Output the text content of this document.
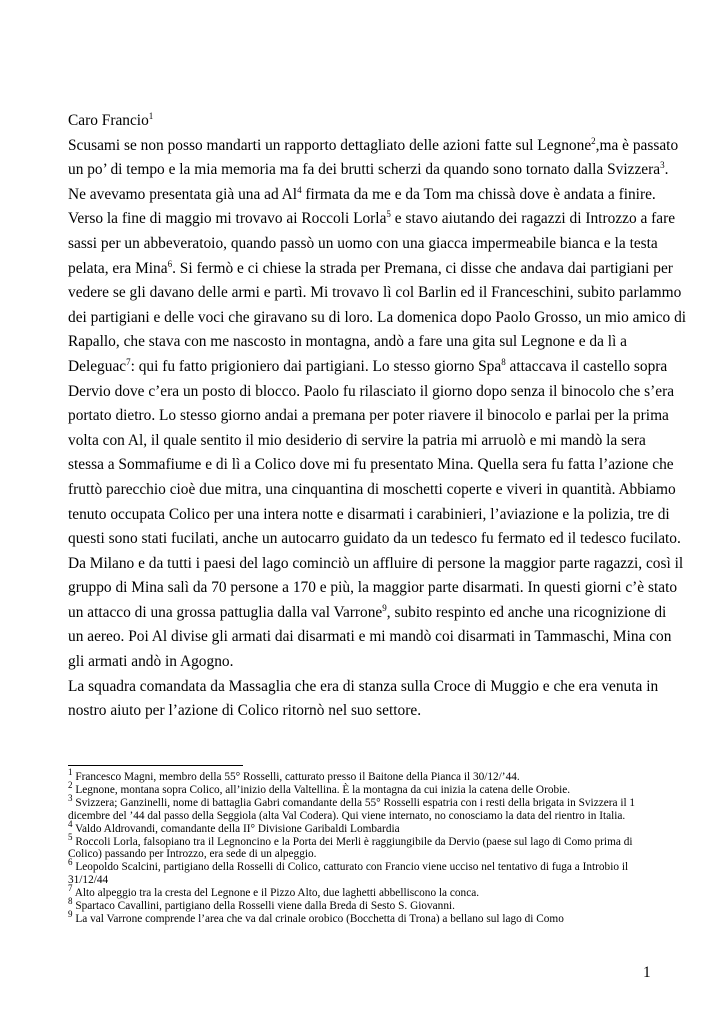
Caro Francio$^1$

Scusami se non posso mandarti un rapporto dettagliato delle azioni fatte sul Legnone$^2$,ma è passato

un po’ di tempo e la mia memoria ma fa dei brutti scherzi da quando sono tornato dalla Svizzera$^3$.

Ne avevamo presentata già una ad Al$^4$ firmata da me e da Tom ma chissà dove è andata a finire.

Verso la fine di maggio mi trovavo ai Roccoli Lorla$^5$ e stavo aiutando dei ragazzi di Introzzo a fare

sassi per un abbeveratoio, quando passò un uomo con una giacca impermeabile bianca e la testa

pelata, era Mina$^6$. Si fermò e ci chiese la strada per Premana, ci disse che andava dai partigiani per

vedere se gli davano delle armi e partì. Mi trovavo lì col Barlin ed il Franceschini, subito parlammo

dei partigiani e delle voci che giravano su di loro. La domenica dopo Paolo Grosso, un mio amico di

Rapallo, che stava con me nascosto in montagna, andò a fare una gita sul Legnone e da lì a

Deleguac$^7$: qui fu fatto prigioniero dai partigiani. Lo stesso giorno Spa$^8$ attaccava il castello sopra

Dervio dove c’era un posto di blocco. Paolo fu rilasciato il giorno dopo senza il binocolo che s’era

portato dietro. Lo stesso giorno andai a premana per poter riavere il binocolo e parlai per la prima

volta con Al, il quale sentito il mio desiderio di servire la patria mi arruolò e mi mandò la sera

stessa a Sommafiume e di lì a Colico dove mi fu presentato Mina. Quella sera fu fatta l’azione che

fruttò parecchio cioè due mitra, una cinquantina di moschetti coperte e viveri in quantità. Abbiamo

tenuto occupata Colico per una intera notte e disarmati i carabinieri, l’aviazione e la polizia, tre di

questi sono stati fucilati, anche un autocarro guidato da un tedesco fu fermato ed il tedesco fucilato.

Da Milano e da tutti i paesi del lago cominciò un affluire di persone la maggior parte ragazzi, così il

gruppo di Mina salì da 70 persone a 170 e più, la maggior parte disarmati. In questi giorni c’è stato

un attacco di una grossa pattuglia dalla val Varrone$^9$, subito respinto ed anche una ricognizione di

un aereo. Poi Al divise gli armati dai disarmati e mi mandò coi disarmati in Tammaschi, Mina con

gli armati andò in Agogno.

La squadra comandata da Massaglia che era di stanza sulla Croce di Muggio e che era venuta in

nostro aiuto per l’azione di Colico ritornò nel suo settore.

$^1$ Francesco Magni, membro della 55° Rosselli, catturato presso il Baitone della Pianca il 30/12/’44.

$^2$ Legnone, montana sopra Colico, all’inizio della Valtellina. È la montagna da cui inizia la catena delle Orobie.

$^3$ Svizzera; Ganzinelli, nome di battaglia Gabri comandante della 55° Rosselli espatria con i resti della brigata in Svizzera il 1 dicembre del ’44 dal passo della Seggiola (alta Val Codera). Qui viene internato, no conosciamo la data del rientro in Italia.

$^4$ Valdo Aldrovandi, comandante della II° Divisione Garibaldi Lombardia

$^5$ Roccoli Lorla, falsopiano tra il Legnoncino e la Porta dei Merli è raggiungibile da Dervio (paese sul lago di Como prima di Colico) passando per Introzzo, era sede di un alpeggio.

$^6$ Leopoldo Scalcini, partigiano della Rosselli di Colico, catturato con Francio viene ucciso nel tentativo di fuga a Introbio il 31/12/44

$^7$ Alto alpeggio tra la cresta del Legnone e il Pizzo Alto, due laghetti abbelliscono la conca.

$^8$ Spartaco Cavallini, partigiano della Rosselli viene dalla Breda di Sesto S. Giovanni.

$^9$ La val Varrone comprende l’area che va dal crinale orobico (Bocchetta di Trona) a bellano sul lago di Como

1
